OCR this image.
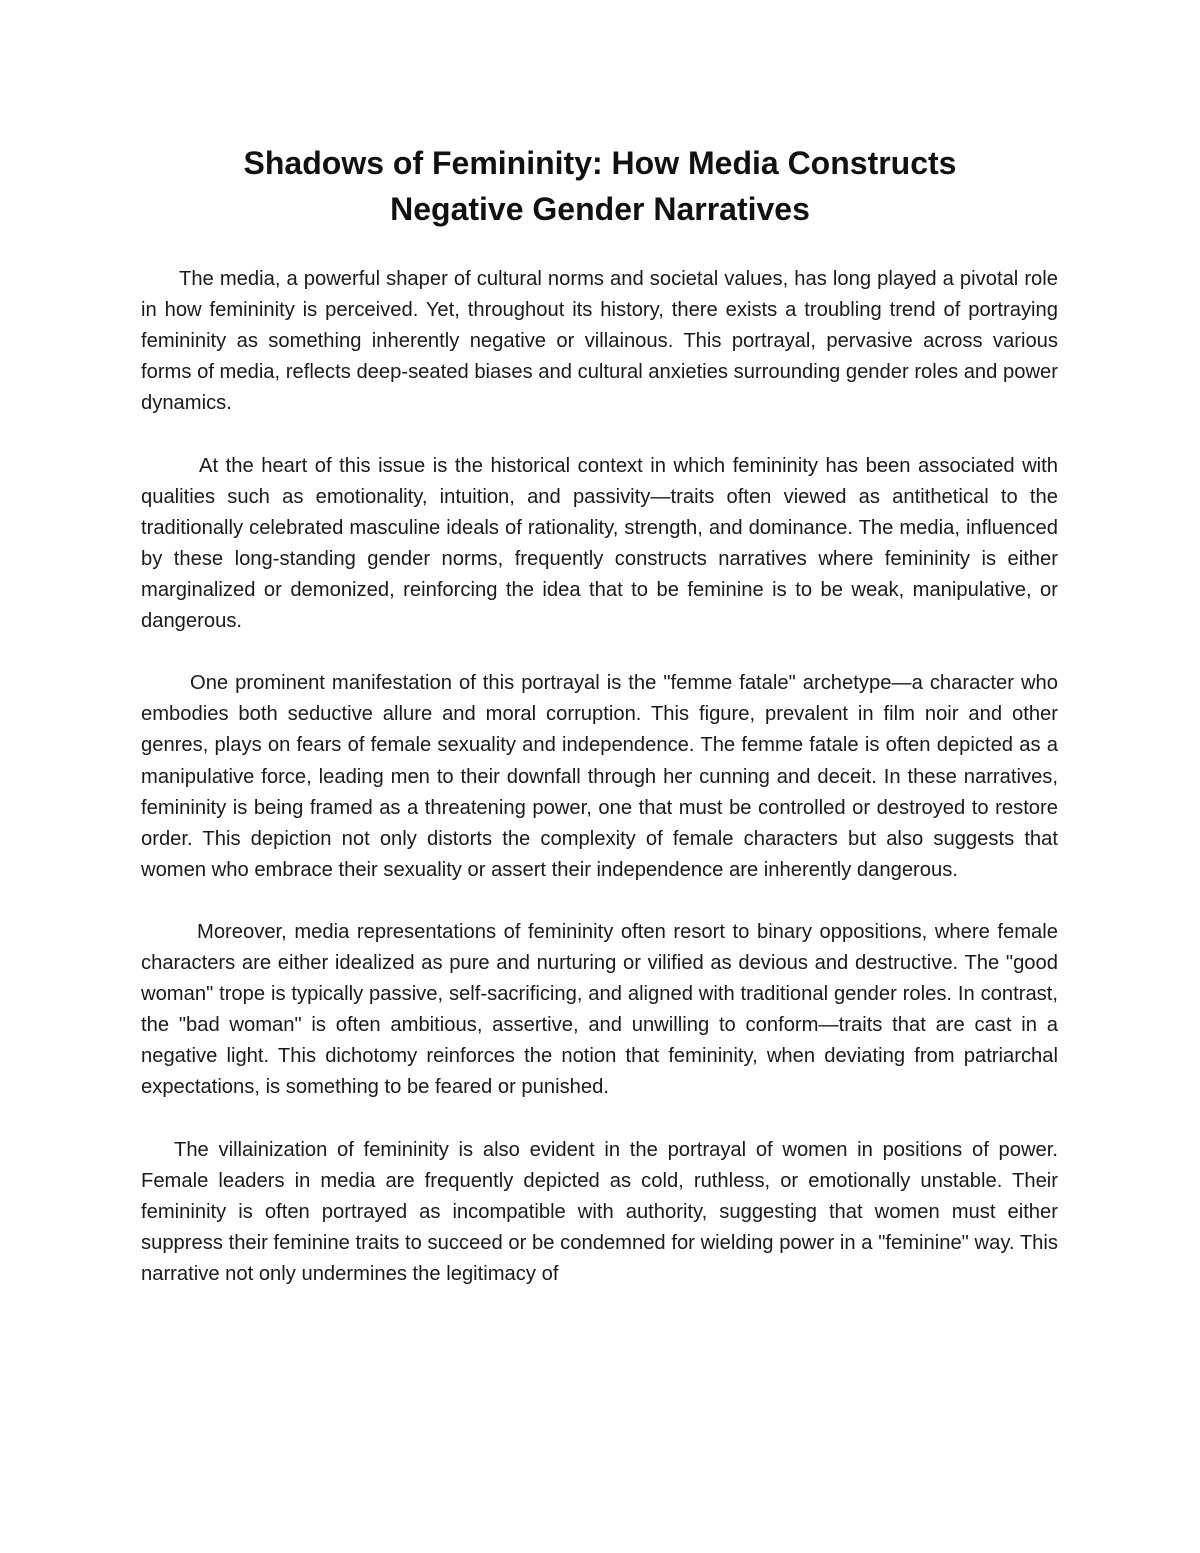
Shadows of Femininity: How Media Constructs
Negative Gender Narratives

The media, a powerful shaper of cultural norms and societal values, has long played a pivotal role in how femininity is perceived. Yet, throughout its history, there exists a troubling trend of portraying femininity as something inherently negative or villainous. This portrayal, pervasive across various forms of media, reflects deep-seated biases and cultural anxieties surrounding gender roles and power dynamics.

At the heart of this issue is the historical context in which femininity has been associated with qualities such as emotionality, intuition, and passivity—traits often viewed as antithetical to the traditionally celebrated masculine ideals of rationality, strength, and dominance. The media, influenced by these long-standing gender norms, frequently constructs narratives where femininity is either marginalized or demonized, reinforcing the idea that to be feminine is to be weak, manipulative, or dangerous.

One prominent manifestation of this portrayal is the "femme fatale" archetype—a character who embodies both seductive allure and moral corruption. This figure, prevalent in film noir and other genres, plays on fears of female sexuality and independence. The femme fatale is often depicted as a manipulative force, leading men to their downfall through her cunning and deceit. In these narratives, femininity is being framed as a threatening power, one that must be controlled or destroyed to restore order. This depiction not only distorts the complexity of female characters but also suggests that women who embrace their sexuality or assert their independence are inherently dangerous.

Moreover, media representations of femininity often resort to binary oppositions, where female characters are either idealized as pure and nurturing or vilified as devious and destructive. The "good woman" trope is typically passive, self-sacrificing, and aligned with traditional gender roles. In contrast, the "bad woman" is often ambitious, assertive, and unwilling to conform—traits that are cast in a negative light. This dichotomy reinforces the notion that femininity, when deviating from patriarchal expectations, is something to be feared or punished.

The villainization of femininity is also evident in the portrayal of women in positions of power. Female leaders in media are frequently depicted as cold, ruthless, or emotionally unstable. Their femininity is often portrayed as incompatible with authority, suggesting that women must either suppress their feminine traits to succeed or be condemned for wielding power in a "feminine" way. This narrative not only undermines the legitimacy of
